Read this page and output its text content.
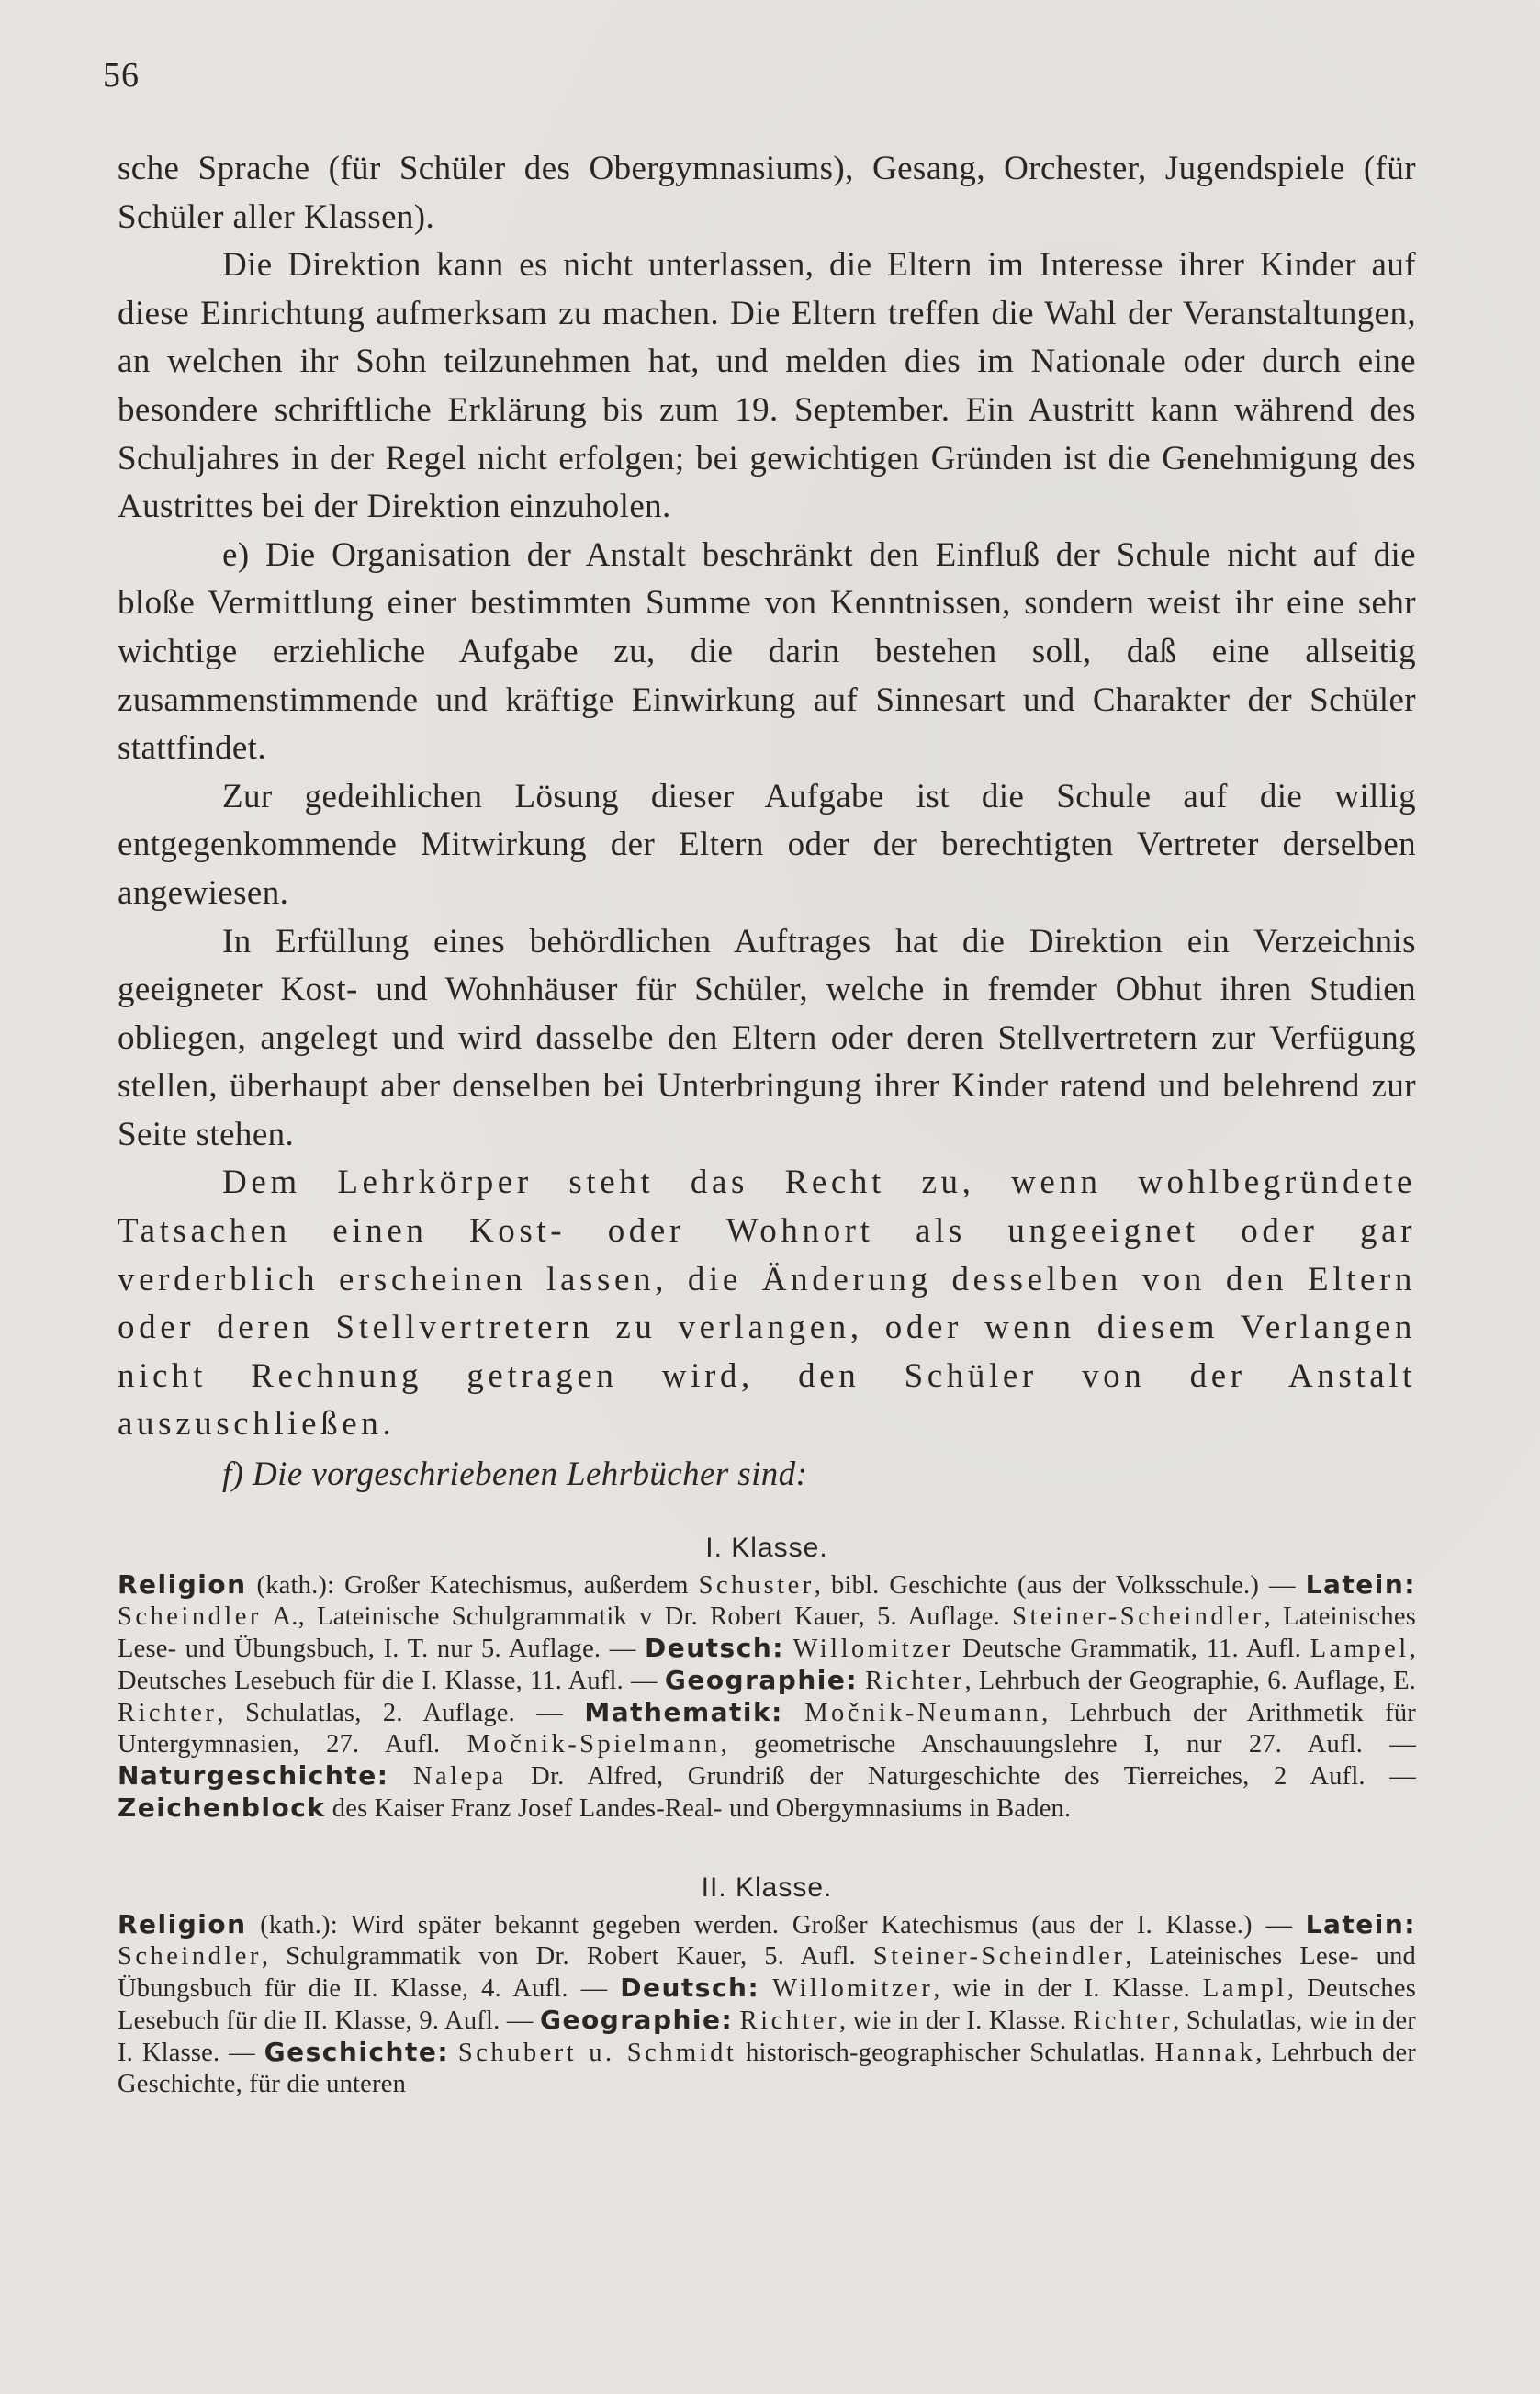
56

sche Sprache (für Schüler des Obergymnasiums), Gesang, Orchester, Jugendspiele (für Schüler aller Klassen).

Die Direktion kann es nicht unterlassen, die Eltern im Interesse ihrer Kinder auf diese Einrichtung aufmerksam zu machen. Die Eltern treffen die Wahl der Veranstaltungen, an welchen ihr Sohn teilzunehmen hat, und melden dies im Nationale oder durch eine besondere schriftliche Erklärung bis zum 19. September. Ein Austritt kann während des Schuljahres in der Regel nicht erfolgen; bei gewichtigen Gründen ist die Genehmigung des Austrittes bei der Direktion einzuholen.

e) Die Organisation der Anstalt beschränkt den Einfluß der Schule nicht auf die bloße Vermittlung einer bestimmten Summe von Kenntnissen, sondern weist ihr eine sehr wichtige erziehliche Aufgabe zu, die darin bestehen soll, daß eine allseitig zusammenstimmende und kräftige Einwirkung auf Sinnesart und Charakter der Schüler stattfindet.

Zur gedeihlichen Lösung dieser Aufgabe ist die Schule auf die willig entgegenkommende Mitwirkung der Eltern oder der berechtigten Vertreter derselben angewiesen.

In Erfüllung eines behördlichen Auftrages hat die Direktion ein Verzeichnis geeigneter Kost- und Wohnhäuser für Schüler, welche in fremder Obhut ihren Studien obliegen, angelegt und wird dasselbe den Eltern oder deren Stellvertretern zur Verfügung stellen, überhaupt aber denselben bei Unterbringung ihrer Kinder ratend und belehrend zur Seite stehen.

Dem Lehrkörper steht das Recht zu, wenn wohlbegründete Tatsachen einen Kost- oder Wohnort als ungeeignet oder gar verderblich erscheinen lassen, die Änderung desselben von den Eltern oder deren Stellvertretern zu verlangen, oder wenn diesem Verlangen nicht Rechnung getragen wird, den Schüler von der Anstalt auszuschließen.

f) Die vorgeschriebenen Lehrbücher sind:

I. Klasse.

Religion (kath.): Großer Katechismus, außerdem Schuster, bibl. Geschichte (aus der Volksschule.) — Latein: Scheindler A., Lateinische Schulgrammatik v Dr. Robert Kauer, 5. Auflage. Steiner-Scheindler, Lateinisches Lese- und Übungsbuch, I. T. nur 5. Auflage. — Deutsch: Willomitzer Deutsche Grammatik, 11. Aufl. Lampel, Deutsches Lesebuch für die I. Klasse, 11. Aufl. — Geographie: Richter, Lehrbuch der Geographie, 6. Auflage, E. Richter, Schulatlas, 2. Auflage. — Mathematik: Močnik-Neumann, Lehrbuch der Arithmetik für Untergymnasien, 27. Aufl. Močnik-Spielmann, geometrische Anschauungslehre I, nur 27. Aufl. — Naturgeschichte: Nalepa Dr. Alfred, Grundriß der Naturgeschichte des Tierreiches, 2 Aufl. — Zeichenblock des Kaiser Franz Josef Landes-Real- und Obergymnasiums in Baden.

II. Klasse.

Religion (kath.): Wird später bekannt gegeben werden. Großer Katechismus (aus der I. Klasse.) — Latein: Scheindler, Schulgrammatik von Dr. Robert Kauer, 5. Aufl. Steiner-Scheindler, Lateinisches Lese- und Übungsbuch für die II. Klasse, 4. Aufl. — Deutsch: Willomitzer, wie in der I. Klasse. Lampl, Deutsches Lesebuch für die II. Klasse, 9. Aufl. — Geographie: Richter, wie in der I. Klasse. Richter, Schulatlas, wie in der I. Klasse. — Geschichte: Schubert u. Schmidt historisch-geographischer Schulatlas. Hannak, Lehrbuch der Geschichte, für die unteren
